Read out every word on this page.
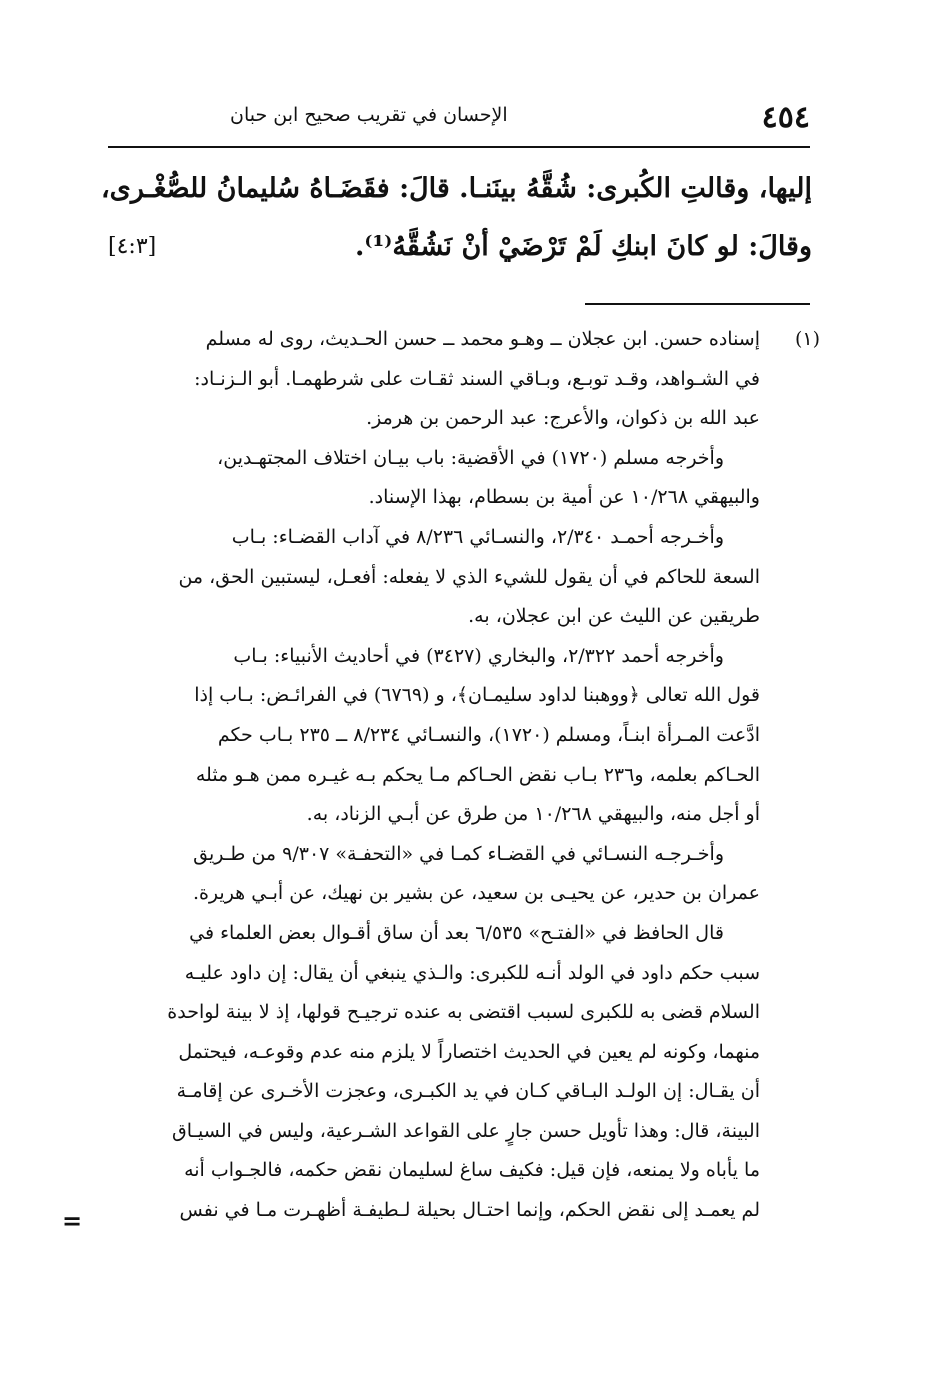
٤٥٤
الإحسان في تقريب صحيح ابن حبان
إليها، وقالتِ الكُبرى: شُقَّهُ بينَنـا. قالَ: فقَضَـاهُ سُليمانُ للصُّغْـرى،
وقالَ: لو كانَ ابنكِ لَمْ تَرْضَيْ أنْ نَشُقَّهُ⁽¹⁾.
[٤:٣]
(١)
إسناده حسن. ابن عجلان ــ وهـو محمد ــ حسن الحـديث، روى له مسلم
في الشـواهد، وقـد توبـع، وبـاقي السند ثقـات على شرطهمـا. أبو الـزنـاد:
عبد الله بن ذكوان، والأعرج: عبد الرحمن بن هرمز.
وأخرجه مسلم (١٧٢٠) في الأقضية: باب بيـان اختلاف المجتهـدين،
والبيهقي ١٠/٢٦٨ عن أمية بن بسطام، بهذا الإسناد.
وأخـرجه أحمـد ٢/٣٤٠، والنسـائي ٨/٢٣٦ في آداب القضـاء: بـاب
السعة للحاكم في أن يقول للشيء الذي لا يفعله: أفعـل، ليستبين الحق، من
طريقين عن الليث عن ابن عجلان، به.
وأخرجه أحمد ٢/٣٢٢، والبخاري (٣٤٢٧) في أحاديث الأنبياء: بـاب
قول الله تعالى ﴿ووهبنا لداود سليمـان﴾، و (٦٧٦٩) في الفرائـض: بـاب إذا
ادَّعت المـرأة ابنـاً، ومسلم (١٧٢٠)، والنسـائي ٨/٢٣٤ ــ ٢٣٥ بـاب حكم
الحـاكم بعلمه، و٢٣٦ بـاب نقض الحـاكم مـا يحكم بـه غيـره ممن هـو مثله
أو أجل منه، والبيهقي ١٠/٢٦٨ من طرق عن أبـي الزناد، به.
وأخـرجـه النسـائي في القضـاء كمـا في «التحفـة» ٩/٣٠٧ من طـريق
عمران بن حدير، عن يحيـى بن سعيد، عن بشير بن نهيك، عن أبـي هريرة.
قال الحافظ في «الفتـح» ٦/٥٣٥ بعد أن ساق أقـوال بعض العلماء في
سبب حكم داود في الولد أنـه للكبرى: والـذي ينبغي أن يقال: إن داود عليـه
السلام قضى به للكبرى لسبب اقتضى به عنده ترجيـح قولها، إذ لا بينة لواحدة
منهما، وكونه لم يعين في الحديث اختصاراً لا يلزم منه عدم وقوعـه، فيحتمل
أن يقـال: إن الولـد البـاقي كـان في يد الكبـرى، وعجزت الأخـرى عن إقامـة
البينة، قال: وهذا تأويل حسن جارٍ على القواعد الشـرعية، وليس في السيـاق
ما يأباه ولا يمنعه، فإن قيل: فكيف ساغ لسليمان نقض حكمه، فالجـواب أنه
لم يعمـد إلى نقض الحكم، وإنما احتـال بحيلة لـطيفـة أظهـرت مـا في نفس
=
